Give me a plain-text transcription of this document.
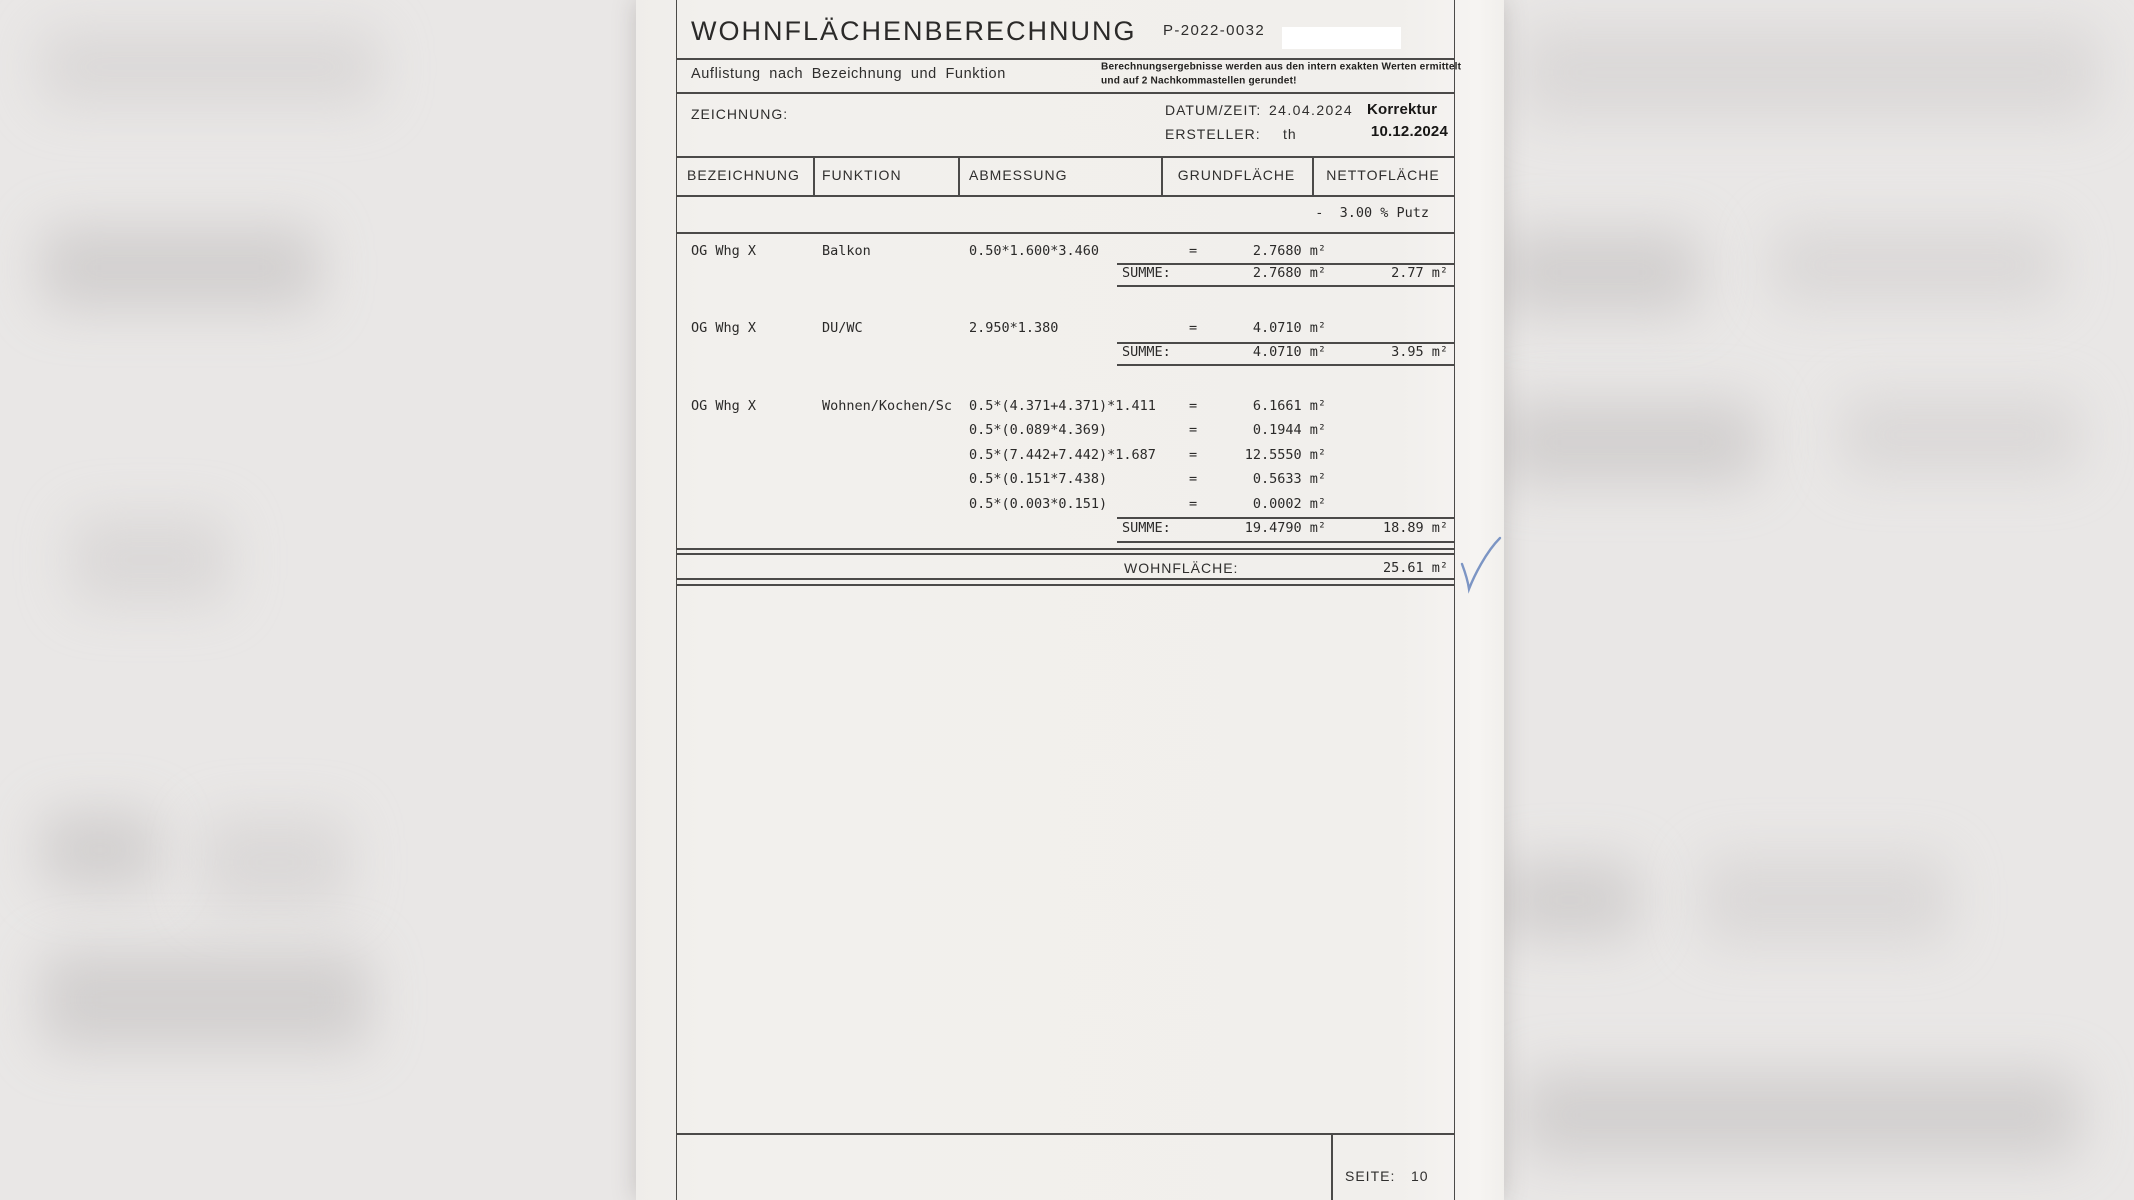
WOHNFLÄCHENBERECHNUNG P-2022-0032
Auflistung nach Bezeichnung und Funktion	Berechnungsergebnisse werden aus den intern exakten Werten ermittelt
und auf 2 Nachkommastellen gerundet!
ZEICHNUNG:	DATUM/ZEIT: 24.04.2024 Korrektur
ERSTELLER: th	10.12.2024
BEZEICHNUNG FUNKTION	ABMESSUNG	GRUNDFLÄCHE	NETTOFLÄCHE
-  3.00 % Putz
OG Whg X	Balkon	0.50*1.600*3.460	=	2.7680 m²
SUMME:	2.7680 m²	2.77 m²
OG Whg X	DU/WC	2.950*1.380	=	4.0710 m²
SUMME:	4.0710 m²	3.95 m²
OG Whg X	Wohnen/Kochen/Sc 0.5*(4.371+4.371)*1.411 =	6.1661 m²
0.5*(0.089*4.369)	=	0.1944 m²
0.5*(7.442+7.442)*1.687 =	12.5550 m²
0.5*(0.151*7.438)	=	0.5633 m²
0.5*(0.003*0.151)	=	0.0002 m²
SUMME:	19.4790 m²	18.89 m²
WOHNFLÄCHE:	25.61 m²
SEITE: 10
